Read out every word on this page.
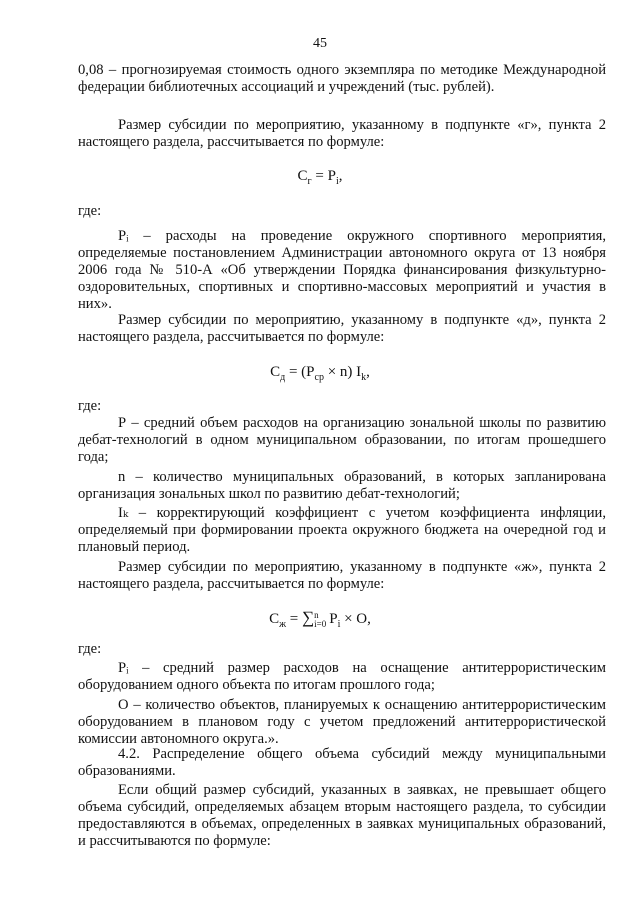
45
0,08 – прогнозируемая стоимость одного экземпляра по методике Международной федерации библиотечных ассоциаций и учреждений (тыс. рублей).
Размер субсидии по мероприятию, указанному в подпункте «г», пункта 2 настоящего раздела, рассчитывается по формуле:
$С_г = P_i$,
где:
Pᵢ – расходы на проведение окружного спортивного мероприятия, определяемые постановлением Администрации автономного округа от 13 ноября 2006 года № 510-А «Об утверждении Порядка финансирования физкультурно-оздоровительных, спортивных и спортивно-массовых мероприятий и участия в них».
Размер субсидии по мероприятию, указанному в подпункте «д», пункта 2 настоящего раздела, рассчитывается по формуле:
$С_д = (P_{ср} \times n)$ $I_k$,
где:
Р – средний объем расходов на организацию зональной школы по развитию дебат-технологий в одном муниципальном образовании, по итогам прошедшего года;
n – количество муниципальных образований, в которых запланирована организация зональных школ по развитию дебат-технологий;
Iₖ – корректирующий коэффициент с учетом коэффициента инфляции, определяемый при формировании проекта окружного бюджета на очередной год и плановый период.
Размер субсидии по мероприятию, указанному в подпункте «ж», пункта 2 настоящего раздела, рассчитывается по формуле:
$С_ж = \sum n$
i=0 $P_i \times O$,
где:
Pᵢ – средний размер расходов на оснащение антитеррористическим оборудованием одного объекта по итогам прошлого года;
О – количество объектов, планируемых к оснащению антитеррористическим оборудованием в плановом году с учетом предложений антитеррористической комиссии автономного округа.».
4.2. Распределение общего объема субсидий между муниципальными образованиями.
Если общий размер субсидий, указанных в заявках, не превышает общего объема субсидий, определяемых абзацем вторым настоящего раздела, то субсидии предоставляются в объемах, определенных в заявках муниципальных образований, и рассчитываются по формуле:
